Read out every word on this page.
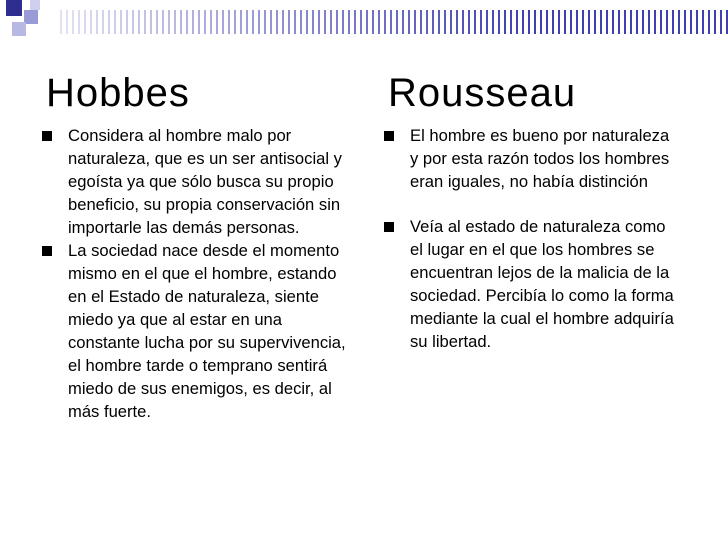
Hobbes
Considera al hombre malo por naturaleza, que es un ser antisocial y egoísta ya que sólo busca su propio beneficio, su propia conservación sin importarle las demás personas.
La sociedad nace desde el momento mismo en el que el hombre, estando en el Estado de naturaleza, siente miedo ya que al estar en una constante lucha por su supervivencia, el hombre tarde o temprano sentirá miedo de sus enemigos, es decir, al más fuerte.
Rousseau
El hombre es bueno por naturaleza y por esta razón todos los hombres eran iguales, no había distinción
Veía al estado de naturaleza como el lugar en el que los hombres se encuentran lejos de la malicia de la sociedad. Percibía lo como la forma mediante la cual el hombre adquiría su libertad.
